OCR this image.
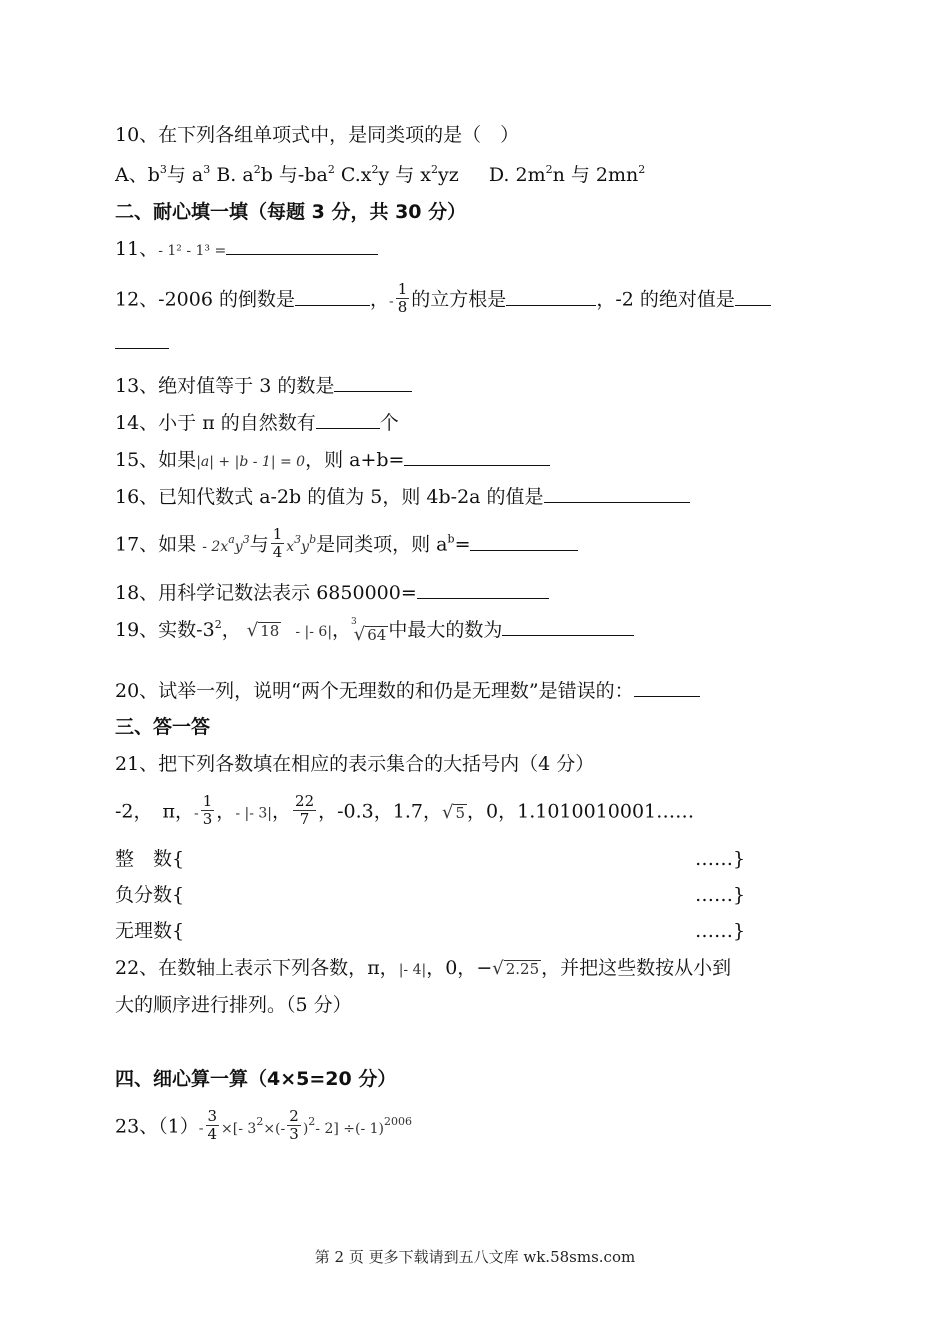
10、在下列各组单项式中，是同类项的是（　）
A、$b^3$与 $a^3$ B. $a^2b$ 与$-ba^2$ $C.x^2y$ 与 $x^2yz$ D. $2m^2n$ 与 $2mn^2$
二、耐心填一填（每题 3 分，共 30 分）
11、- 1² - 1³ =
12、-2006 的倒数是	，- $\frac{1}{8}$ 的立方根是	，-2 的绝对值是
13、绝对值等于 3 的数是
14、小于 π 的自然数有	个
15、如果|a| + |b - 1| = 0，则 a+b=
16、已知代数式 a-2b 的值为 5，则 4b-2a 的值是
17、如果 - $2x^ay^3$与 $\frac{1}{4} x^3y^b$是同类项，则 $a^b=$
18、用科学记数法表示 6850000=
19、实数$-3^2$， √ 18 - |- 6|， 3
√ 64 中最大的数为
20、试举一列，说明“两个无理数的和仍是无理数”是错误的：
三、答一答
21、把下列各数填在相应的表示集合的大括号内（4 分）
-2， π，- $\frac{1}{3}$ ，- |- 3|， $\frac{22}{7}$ ，-0.3，1.7， √ 5 ，0，1.1010010001……
整　数{	……}
负分数{	……}
无理数{	……}
22、在数轴上表示下列各数，π，|- 4|，0，− √ 2.25 ，并把这些数按从小到
大的顺序进行排列。（5 分）
四、细心算一算（4×5=20 分）
23、$(1)- \frac{3}{4}$ ×[- $3^2\times(- \frac{2}{3} )^2-$ 2] ÷(- 1)$^{2006}$
第 2 页 更多下载请到五八文库 wk.58sms.com
